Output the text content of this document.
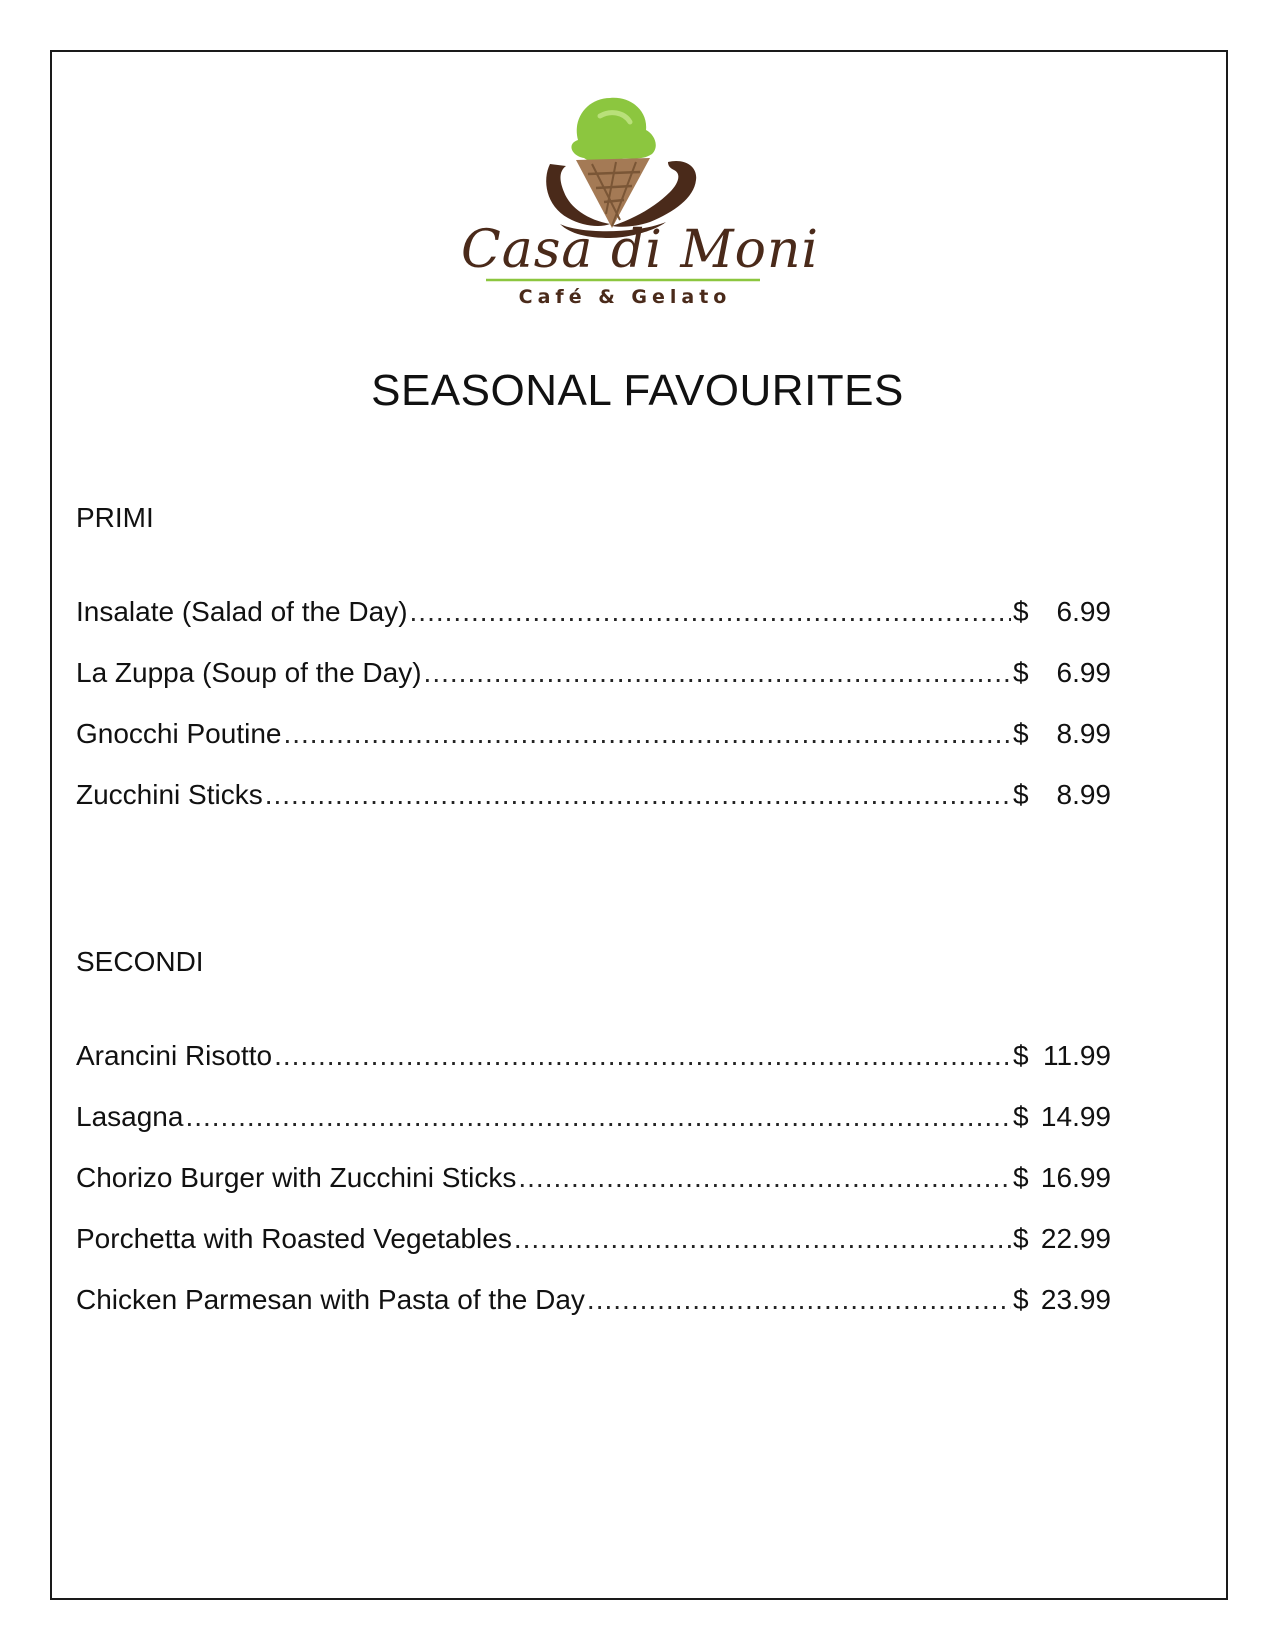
Casa di Moni
Café & Gelato
SEASONAL FAVOURITES
PRIMI
Insalate (Salad of the Day) .....	$ 6.99
La Zuppa (Soup of the Day) .....	$ 6.99
Gnocchi Poutine .....	$ 8.99
Zucchini Sticks .....	$ 8.99
SECONDI
Arancini Risotto .....	$ 11.99
Lasagna .....	$ 14.99
Chorizo Burger with Zucchini Sticks .....	$ 16.99
Porchetta with Roasted Vegetables .....	$ 22.99
Chicken Parmesan with Pasta of the Day .....	$ 23.99
